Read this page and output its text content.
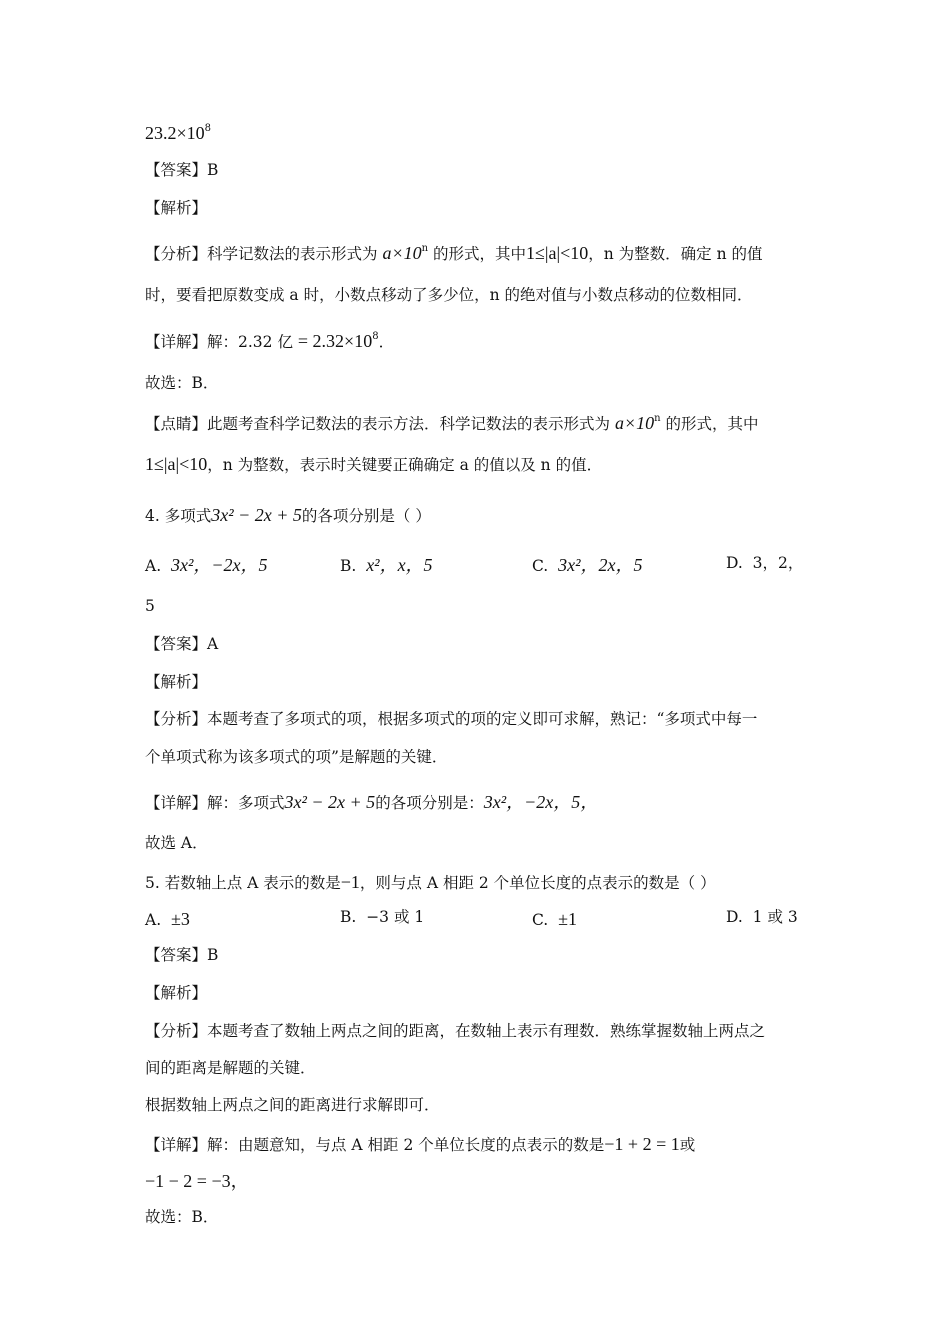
$23.2\times 10^8$
【答案】B
【解析】
【分析】科学记数法的表示形式为 $a\times 10^n$ 的形式，其中1≤|a|<10，n 为整数．确定 n 的值
时，要看把原数变成 a 时，小数点移动了多少位，n 的绝对值与小数点移动的位数相同．
【详解】解：2.32 亿 = $2.32\times 10^8$．
故选：B．
【点睛】此题考查科学记数法的表示方法．科学记数法的表示形式为 $a\times 10^n$ 的形式，其中
1≤|a|<10，n 为整数，表示时关键要正确确定 a 的值以及 n 的值．
4. 多项式3x² − 2x + 5的各项分别是（ ）
A. 3x²，−2x，5	B. x²，x，5	C. 3x²，2x，5	D. 3，2，
5
【答案】A
【解析】
【分析】本题考查了多项式的项，根据多项式的项的定义即可求解，熟记：“多项式中每一
个单项式称为该多项式的项”是解题的关键．
【详解】解：多项式3x² − 2x + 5的各项分别是：3x²，−2x，5，
故选 A．
5. 若数轴上点 A 表示的数是−1，则与点 A 相距 2 个单位长度的点表示的数是（ ）
A. ±3	B. −3 或 1	C. ±1	D. 1 或 3
【答案】B
【解析】
【分析】本题考查了数轴上两点之间的距离，在数轴上表示有理数．熟练掌握数轴上两点之
间的距离是解题的关键．
根据数轴上两点之间的距离进行求解即可．
【详解】解：由题意知，与点 A 相距 2 个单位长度的点表示的数是−1 + 2 = 1或
−1 − 2 = −3，
故选：B．
